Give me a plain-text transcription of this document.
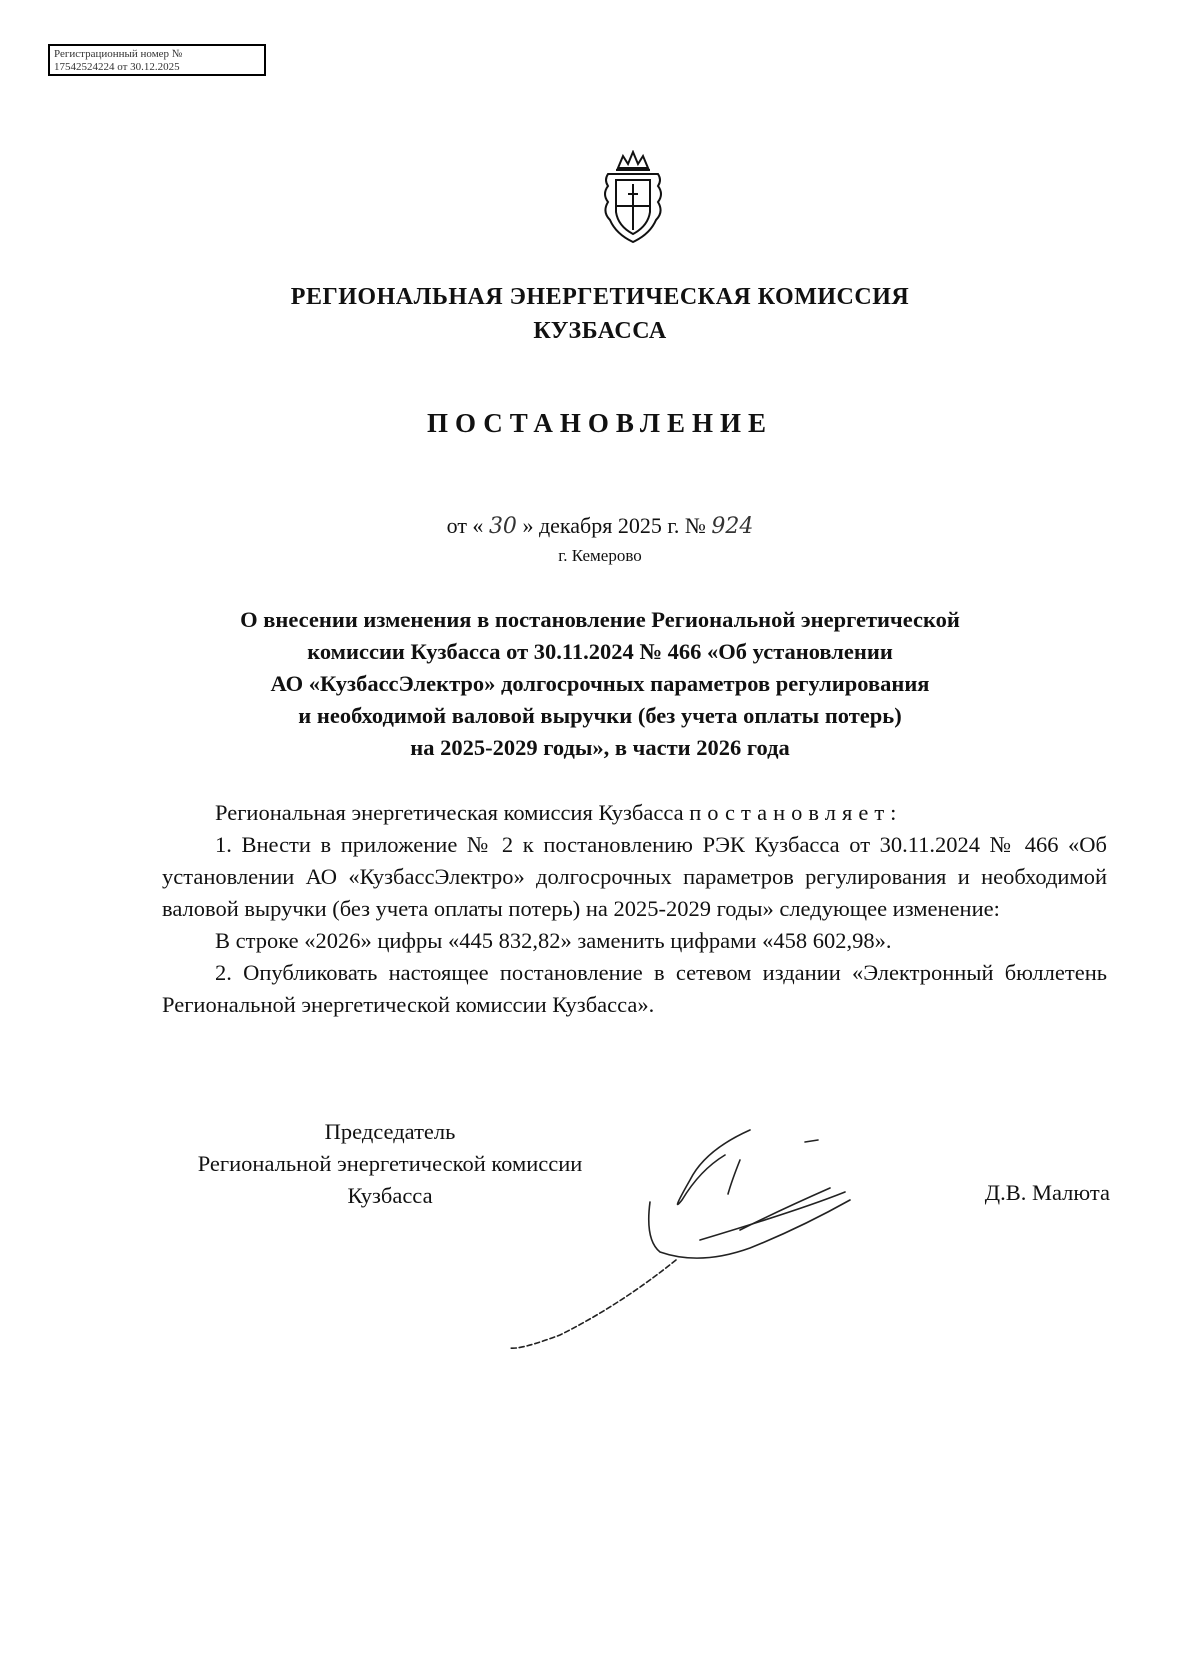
Регистрационный номер №
17542524224 от 30.12.2025
РЕГИОНАЛЬНАЯ ЭНЕРГЕТИЧЕСКАЯ КОМИССИЯ
КУЗБАССА
ПОСТАНОВЛЕНИЕ
от « 30 » декабря 2025 г. № 924
г. Кемерово
О внесении изменения в постановление Региональной энергетической
комиссии Кузбасса от 30.11.2024 № 466 «Об установлении
АО «КузбассЭлектро» долгосрочных параметров регулирования
и необходимой валовой выручки (без учета оплаты потерь)
на 2025-2029 годы», в части 2026 года

Региональная энергетическая комиссия Кузбасса постановляет:

1. Внести в приложение № 2 к постановлению РЭК Кузбасса от 30.11.2024 № 466 «Об установлении АО «КузбассЭлектро» долгосрочных параметров регулирования и необходимой валовой выручки (без учета оплаты потерь) на 2025-2029 годы» следующее изменение:

В строке «2026» цифры «445 832,82» заменить цифрами «458 602,98».

2. Опубликовать настоящее постановление в сетевом издании «Электронный бюллетень Региональной энергетической комиссии Кузбасса».

Председатель
Региональной энергетической комиссии
Кузбасса	Д.В. Малюта
